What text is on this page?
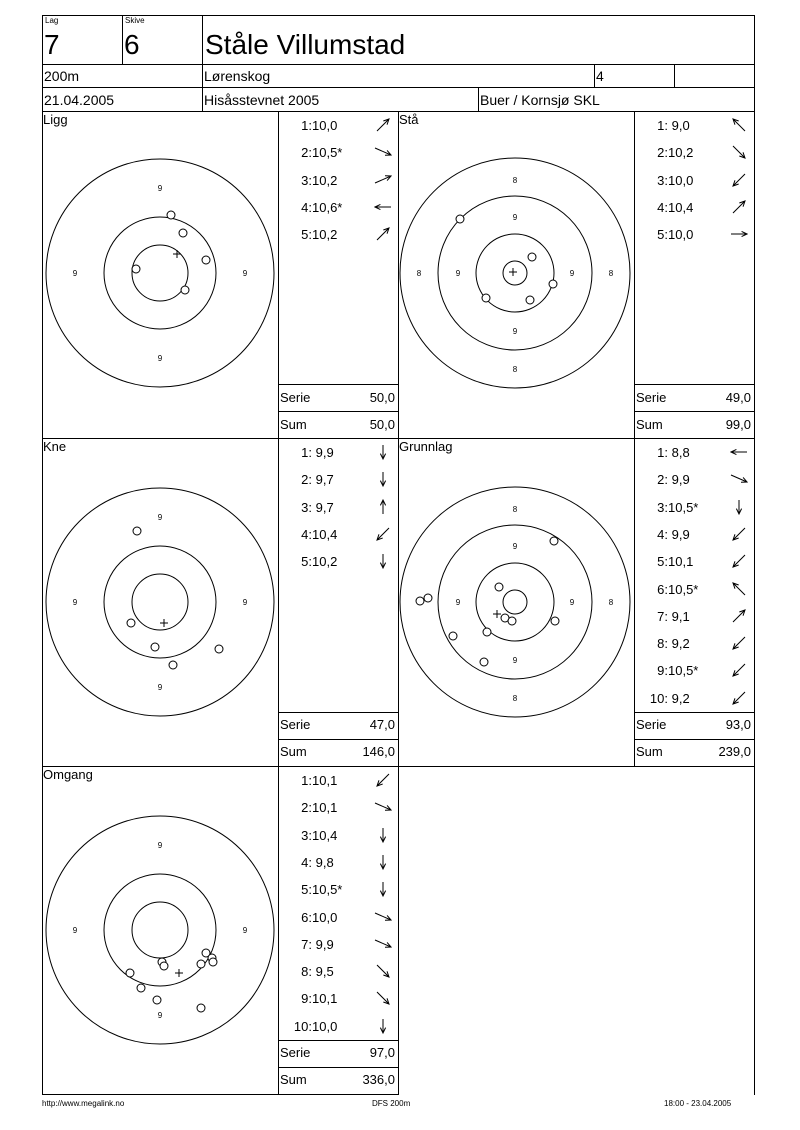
Lag
7
Skive
6 Ståle Villumstad
200m	Lørenskog	4
21.04.2005	Hisåsstevnet 2005	Buer / Kornsjø SKL
Ligg
9
9	9
9
1:10,0
2:10,5*
3:10,2
4:10,6*
5:10,2
Serie	50,0
Sum	50,0
Stå
8
9
8	9	9	8
9
8
1: 9,0
2:10,2
3:10,0
4:10,4
5:10,0
Serie	49,0
Sum	99,0
Kne
9
9	9
9
1: 9,9
2: 9,7
3: 9,7
4:10,4
5:10,2
Serie	47,0
Sum	146,0
Grunnlag
8
9
9	9	8
9
8
1: 8,8
2: 9,9
3:10,5*
4: 9,9
5:10,1
6:10,5*
7: 9,1
8: 9,2
9:10,5*
10: 9,2
Serie	93,0
Sum	239,0
Omgang
9
9	9
9
1:10,1
2:10,1
3:10,4
4: 9,8
5:10,5*
6:10,0
7: 9,9
8: 9,5
9:10,1
10:10,0
Serie	97,0
Sum	336,0
http://www.megalink.no	DFS 200m	18:00 - 23.04.2005
